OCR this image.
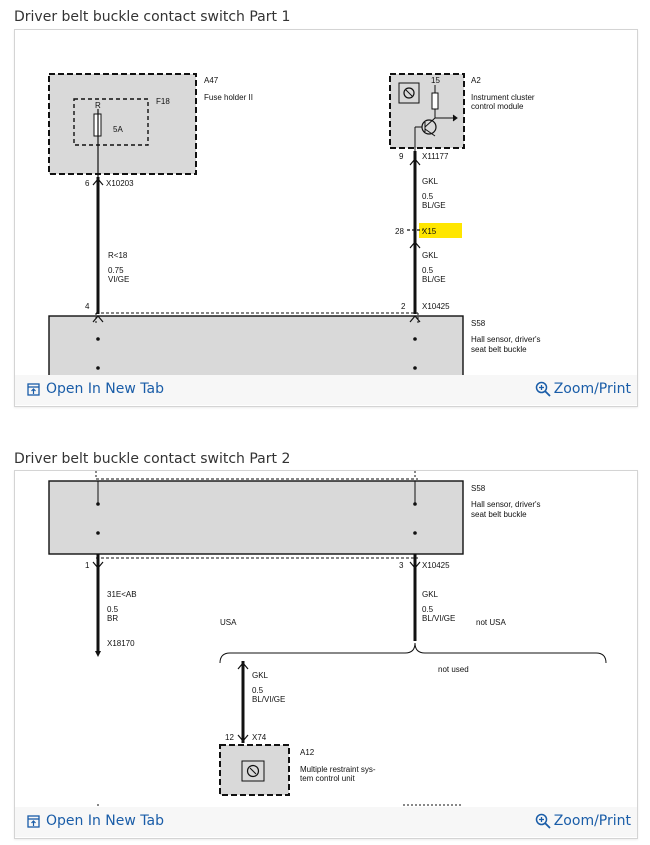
Driver belt buckle contact switch Part 1
A47
Fuse holder II
F18
R
5A
6 X10203
R<18
0.75
VI/GE
15	A2
Instrument cluster
control module
9 X11177
GKL
0.5
BL/GE
28 X15
GKL
0.5
BL/GE
4	2 X10425
S58
Hall sensor, driver's
seat belt buckle
Open In New Tab	Zoom/Print
Driver belt buckle contact switch Part 2
S58
Hall sensor, driver's
seat belt buckle
1
31E<AB
0.5
BR
X18170
3 X10425
GKL
0.5
BL/VI/GE
USA	not USA
not used
GKL
0.5
BL/VI/GE
12 X74
A12
Multiple restraint sys-
tem control unit
Open In New Tab	Zoom/Print
